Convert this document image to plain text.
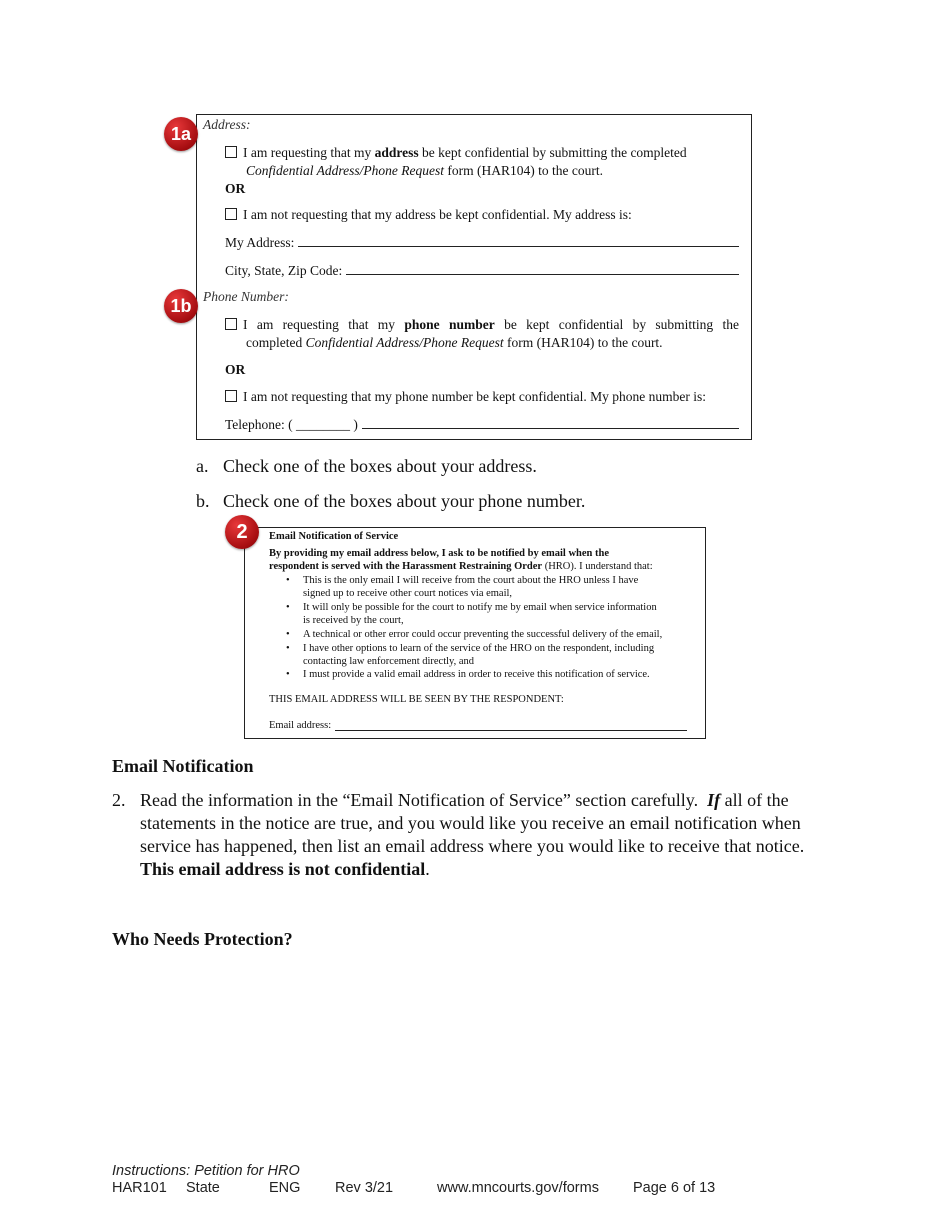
1a Address:
I am requesting that my address be kept confidential by submitting the completed
Confidential Address/Phone Request form (HAR104) to the court.
OR
I am not requesting that my address be kept confidential. My address is:
My Address:
City, State, Zip Code:
1b Phone Number:
I am requesting that my phone number be kept confidential by submitting the
completed Confidential Address/Phone Request form (HAR104) to the court.
OR
I am not requesting that my phone number be kept confidential. My phone number is:
Telephone: ( ________ )
a. Check one of the boxes about your address.
b. Check one of the boxes about your phone number.
2	Email Notification of Service
By providing my email address below, I ask to be notified by email when the
respondent is served with the Harassment Restraining Order (HRO). I understand that:
• This is the only email I will receive from the court about the HRO unless I have
signed up to receive other court notices via email,
• It will only be possible for the court to notify me by email when service information
is received by the court,
• A technical or other error could occur preventing the successful delivery of the email,
• I have other options to learn of the service of the HRO on the respondent, including
contacting law enforcement directly, and
• I must provide a valid email address in order to receive this notification of service.
THIS EMAIL ADDRESS WILL BE SEEN BY THE RESPONDENT:
Email address:
Email Notification
2. Read the information in the “Email Notification of Service” section carefully. If all of the
statements in the notice are true, and you would like you receive an email notification when
service has happened, then list an email address where you would like to receive that notice.
This email address is not confidential.
Who Needs Protection?
Instructions: Petition for HRO
HAR101 State	ENG Rev 3/21	www.mncourts.gov/forms Page 6 of 13
